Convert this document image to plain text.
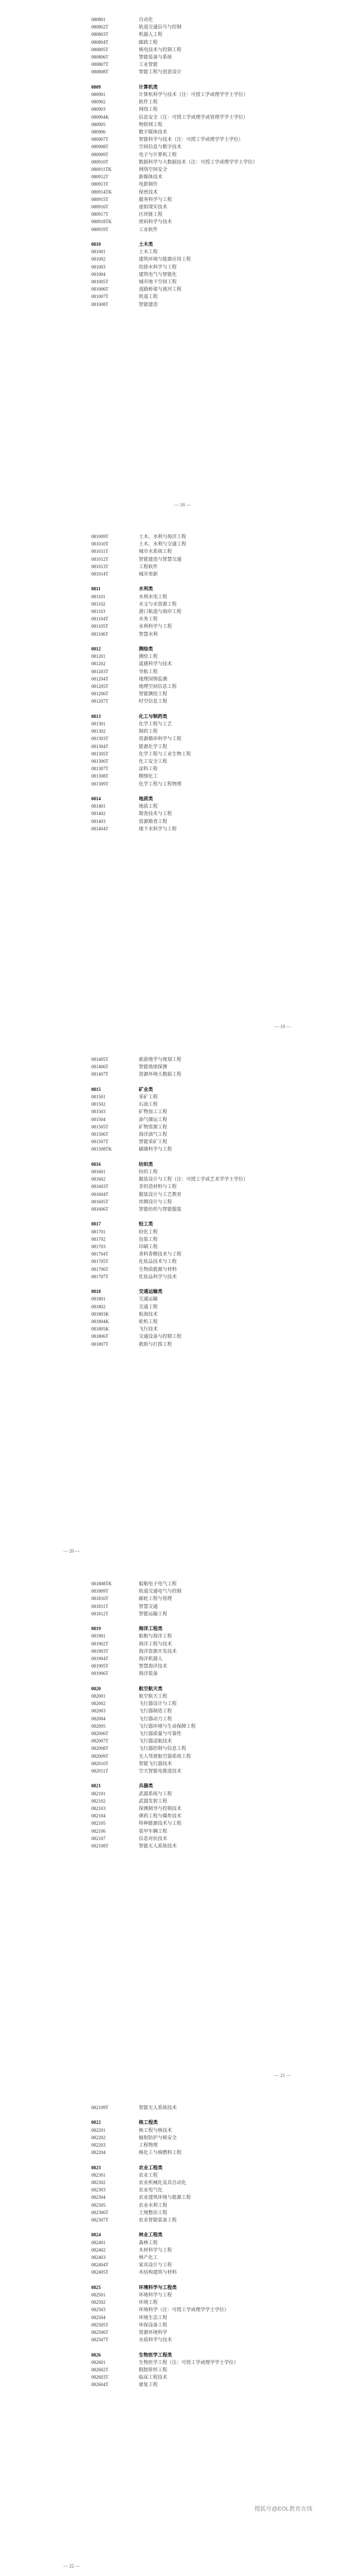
080801	自动化
080802T	轨道交通信号与控制
080803T	机器人工程
080804T	邮政工程
080805T	核电技术与控制工程
080806T	智能装备与系统
080807T	工业智能
080808T	智能工程与创意设计
0809	计算机类
080901	计算机科学与技术（注：可授工学或理学学士学位）
080902	软件工程
080903	网络工程
080904K	信息安全（注：可授工学或理学或管理学学士学位）
080905	物联网工程
080906	数字媒体技术
080907T	智能科学与技术（注：可授工学或理学学士学位）
080908T	空间信息与数字技术
080909T	电子与计算机工程
080910T	数据科学与大数据技术（注：可授工学或理学学士学位）
080911TK	网络空间安全
080912T	新媒体技术
080913T	电影制作
080914TK	保密技术
080915T	服务科学与工程
080916T	虚拟现实技术
080917T	区块链工程
080918TK	密码科学与技术
080919T	工业软件
0810	土木类
081001	土木工程
081002	建筑环境与能源应用工程
081003	给排水科学与工程
081004	建筑电气与智能化
081005T	城市地下空间工程
081006T	道路桥梁与渡河工程
081007T	铁道工程
081008T	智能建造
— 18 —
081009T	土木、水利与海洋工程
081010T	土木、水利与交通工程
081011T	城市水系统工程
081012T	智能建造与智慧交通
081013T	工程软件
081014T	城市更新
0811	水利类
081101	水利水电工程
081102	水文与水资源工程
081103	港口航道与海岸工程
081104T	水务工程
081105T	水利科学与工程
081106T	智慧水利
0812	测绘类
081201	测绘工程
081202	遥感科学与技术
081203T	导航工程
081204T	地理国情监测
081205T	地理空间信息工程
081206T	智能测绘工程
081207T	时空信息工程
0813	化工与制药类
081301	化学工程与工艺
081302	制药工程
081303T	资源循环科学与工程
081304T	能源化学工程
081305T	化学工程与工业生物工程
081306T	化工安全工程
081307T	涂料工程
081308T	精细化工
081309T	化学工程与工程物理
0814	地质类
081401	地质工程
081402	勘查技术与工程
081403	资源勘查工程
081404T	地下水科学与工程
— 19 —
081405T	旅游地学与规划工程
081406T	智能地球探测
081407T	资源环境大数据工程
0815	矿业类
081501	采矿工程
081502	石油工程
081503	矿物加工工程
081504	油气储运工程
081505T	矿物资源工程
081506T	海洋油气工程
081507T	智能采矿工程
081508TK	碳储科学与工程
0816	纺织类
081601	纺织工程
081602	服装设计与工程（注：可授工学或艺术学学士学位）
081603T	非织造材料与工程
081604T	服装设计与工艺教育
081605T	丝绸设计与工程
081606T	智能纺织与智能服装
0817	轻工类
081701	轻化工程
081702	包装工程
081703	印刷工程
081704T	香料香精技术与工程
081705T	化妆品技术与工程
081706T	生物质能源与材料
081707T	化妆品科学与技术
0818	交通运输类
081801	交通运输
081802	交通工程
081803K	航海技术
081804K	轮机工程
081805K	飞行技术
081806T	交通设备与控制工程
081807T	救助与打捞工程
— 20 —
081808TK	船舶电子电气工程
081809T	轨道交通电气与控制
081810T	邮轮工程与管理
081811T	智慧交通
081812T	智能运输工程
0819	海洋工程类
081901	船舶与海洋工程
081902T	海洋工程与技术
081903T	海洋资源开发技术
081904T	海洋机器人
081905T	智慧海洋技术
081906T	海洋装备
0820	航空航天类
082001	航空航天工程
082002	飞行器设计与工程
082003	飞行器制造工程
082004	飞行器动力工程
082005	飞行器环境与生命保障工程
082006T	飞行器质量与可靠性
082007T	飞行器适航技术
082008T	飞行器控制与信息工程
082009T	无人驾驶航空器系统工程
082010T	智能飞行器技术
082011T	空天智能电推进技术
0821	兵器类
082101	武器系统与工程
082102	武器发射工程
082103	探测制导与控制技术
082104	弹药工程与爆炸技术
082105	特种能源技术与工程
082106	装甲车辆工程
082107	信息对抗技术
082108T	智能无人系统技术
— 21 —
082109T	智能无人系统技术
0822	核工程类
082201	核工程与核技术
082202	辐射防护与核安全
082203	工程物理
082204	核化工与核燃料工程
0823	农业工程类
082301	农业工程
082302	农业机械化及其自动化
082303	农业电气化
082304	农业建筑环境与能源工程
082305	农业水利工程
082306T	土地整治工程
082307T	农业智能装备工程
0824	林业工程类
082401	森林工程
082402	木材科学与工程
082403	林产化工
082404T	家具设计与工程
082405T	木结构建筑与材料
0825	环境科学与工程类
082501	环境科学与工程
082502	环境工程
082503	环境科学（注：可授工学或理学学士学位）
082504	环境生态工程
082505T	环保设备工程
082506T	资源环境科学
082507T	水质科学与技术
0826	生物医学工程类
082601	生物医学工程（注：可授工学或理学学士学位）
082602T	假肢矫形工程
082603T	临床工程技术
082604T	康复工程
— 22 —
搜狐号@EOL教育在线
